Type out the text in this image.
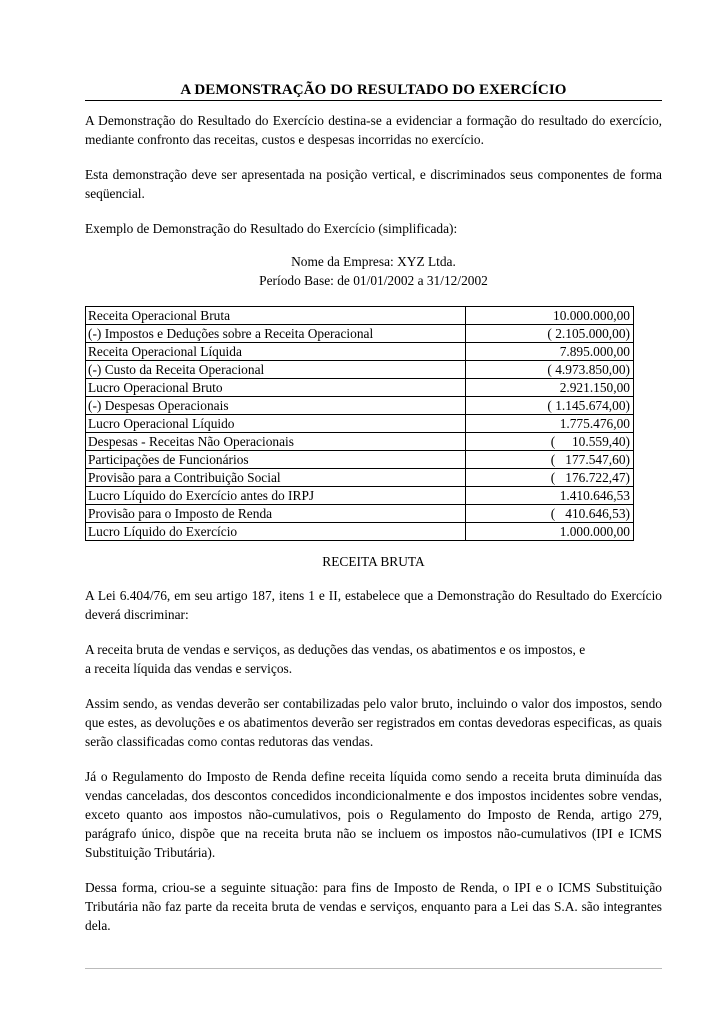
A DEMONSTRAÇÃO DO RESULTADO DO EXERCÍCIO

A Demonstração do Resultado do Exercício destina-se a evidenciar a formação do resultado do exercício, mediante confronto das receitas, custos e despesas incorridas no exercício.

Esta demonstração deve ser apresentada na posição vertical, e discriminados seus componentes de forma seqüencial.

Exemplo de Demonstração do Resultado do Exercício (simplificada):

Nome da Empresa: XYZ Ltda.
Período Base: de 01/01/2002 a 31/12/2002
Receita Operacional Bruta	10.000.000,00
(-) Impostos e Deduções sobre a Receita Operacional	( 2.105.000,00)
Receita Operacional Líquida	7.895.000,00
(-) Custo da Receita Operacional	( 4.973.850,00)
Lucro Operacional Bruto	2.921.150,00
(-) Despesas Operacionais	( 1.145.674,00)
Lucro Operacional Líquido	1.775.476,00
Despesas - Receitas Não Operacionais	(     10.559,40)
Participações de Funcionários	(   177.547,60)
Provisão para a Contribuição Social	(   176.722,47)
Lucro Líquido do Exercício antes do IRPJ	1.410.646,53
Provisão para o Imposto de Renda	(   410.646,53)
Lucro Líquido do Exercício	1.000.000,00
RECEITA BRUTA

A Lei 6.404/76, em seu artigo 187, itens 1 e II, estabelece que a Demonstração do Resultado do Exercício deverá discriminar:

A receita bruta de vendas e serviços, as deduções das vendas, os abatimentos e os impostos, e

a receita líquida das vendas e serviços.

Assim sendo, as vendas deverão ser contabilizadas pelo valor bruto, incluindo o valor dos impostos, sendo que estes, as devoluções e os abatimentos deverão ser registrados em contas devedoras especificas, as quais serão classificadas como contas redutoras das vendas.

Já o Regulamento do Imposto de Renda define receita líquida como sendo a receita bruta diminuída das vendas canceladas, dos descontos concedidos incondicionalmente e dos impostos incidentes sobre vendas, exceto quanto aos impostos não-cumulativos, pois o Regulamento do Imposto de Renda, artigo 279, parágrafo único, dispõe que na receita bruta não se incluem os impostos não-cumulativos (IPI e ICMS Substituição Tributária).

Dessa forma, criou-se a seguinte situação: para fins de Imposto de Renda, o IPI e o ICMS Substituição Tributária não faz parte da receita bruta de vendas e serviços, enquanto para a Lei das S.A. são integrantes dela.
